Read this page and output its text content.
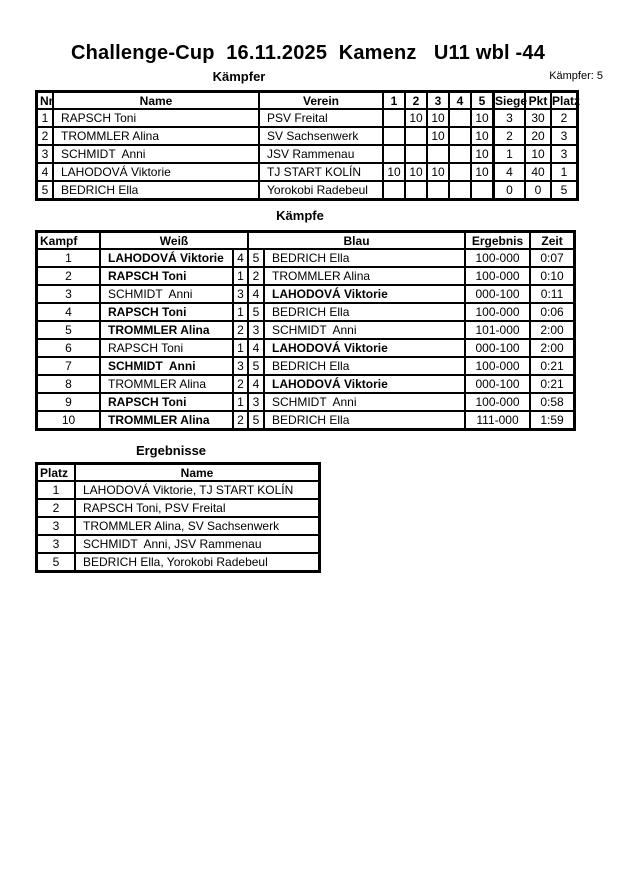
Challenge-Cup  16.11.2025  Kamenz   U11 wbl -44
Kämpfer	Kämpfer: 5
Nr	Name	Verein	1	2	3	4	5	Siege	Pkt	Platz
1	RAPSCH Toni	PSV Freital		10	10		10	3	30	2
2	TROMMLER Alina	SV Sachsenwerk			10		10	2	20	3
3	SCHMIDT  Anni	JSV Rammenau					10	1	10	3
4	LAHODOVÁ Viktorie	TJ START KOLÍN	10	10	10		10	4	40	1
5	BEDRICH Ella	Yorokobi Radebeul						0	0	5
Kämpfe
Kampf	Weiß		Blau		Ergebnis	Zeit
1	LAHODOVÁ Viktorie	4	5	BEDRICH Ella	100-000	0:07
2	RAPSCH Toni	1	2	TROMMLER Alina	100-000	0:10
3	SCHMIDT  Anni	3	4	LAHODOVÁ Viktorie	000-100	0:11
4	RAPSCH Toni	1	5	BEDRICH Ella	100-000	0:06
5	TROMMLER Alina	2	3	SCHMIDT  Anni	101-000	2:00
6	RAPSCH Toni	1	4	LAHODOVÁ Viktorie	000-100	2:00
7	SCHMIDT  Anni	3	5	BEDRICH Ella	100-000	0:21
8	TROMMLER Alina	2	4	LAHODOVÁ Viktorie	000-100	0:21
9	RAPSCH Toni	1	3	SCHMIDT  Anni	100-000	0:58
10	TROMMLER Alina	2	5	BEDRICH Ella	111-000	1:59
Ergebnisse
Platz	Name
1	LAHODOVÁ Viktorie, TJ START KOLÍN
2	RAPSCH Toni, PSV Freital
3	TROMMLER Alina, SV Sachsenwerk
3	SCHMIDT  Anni, JSV Rammenau
5	BEDRICH Ella, Yorokobi Radebeul
